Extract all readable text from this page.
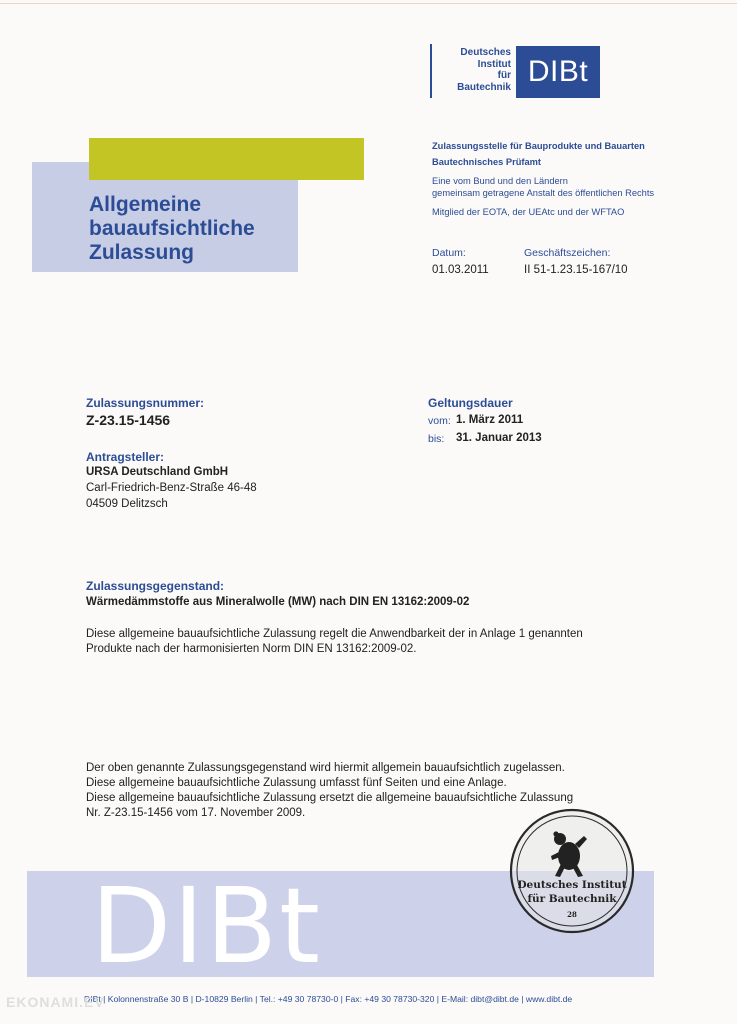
Deutsches
Institut
für
Bautechnik DIBt
Zulassungsstelle für Bauprodukte und Bauarten
Bautechnisches Prüfamt
Eine vom Bund und den Ländern
gemeinsam getragene Anstalt des öffentlichen Rechts
Mitglied der EOTA, der UEAtc und der WFTAO
Datum:
01.03.2011
Geschäftszeichen:
II 51-1.23.15-167/10
Allgemeine
bauaufsichtliche
Zulassung
Zulassungsnummer:
Z-23.15-1456
Geltungsdauer
vom: 1. März 2011
bis: 31. Januar 2013
Antragsteller:
URSA Deutschland GmbH
Carl-Friedrich-Benz-Straße 46-48
04509 Delitzsch
Zulassungsgegenstand:
Wärmedämmstoffe aus Mineralwolle (MW) nach DIN EN 13162:2009-02
Diese allgemeine bauaufsichtliche Zulassung regelt die Anwendbarkeit der in Anlage 1 genannten
Produkte nach der harmonisierten Norm DIN EN 13162:2009-02.
Der oben genannte Zulassungsgegenstand wird hiermit allgemein bauaufsichtlich zugelassen.
Diese allgemeine bauaufsichtliche Zulassung umfasst fünf Seiten und eine Anlage.
Diese allgemeine bauaufsichtliche Zulassung ersetzt die allgemeine bauaufsichtliche Zulassung
Nr. Z-23.15-1456 vom 17. November 2009.
DIBt	Deutsches Institut
für Bautechnik
28
DIBt | Kolonnenstraße 30 B | D-10829 Berlin | Tel.: +49 30 78730-0 | Fax: +49 30 78730-320 | E-Mail: dibt@dibt.de | www.dibt.de
EKONAMI.EV
